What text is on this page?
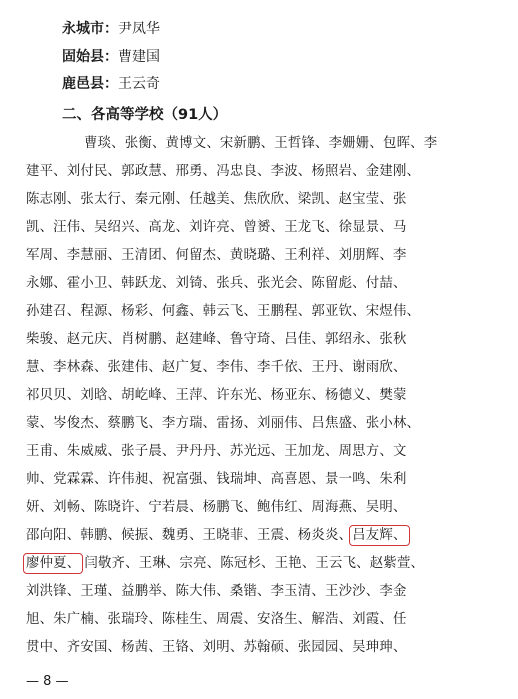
永城市：尹凤华
固始县：曹建国
鹿邑县：王云奇
二、各高等学校（91人）
曹琰、张衡、黄博文、宋新鹏、王哲锋、李姗姗、包晖、李
建平、刘付民、郭政慧、邢勇、冯忠良、李波、杨照岩、金建刚、
陈志刚、张太行、秦元刚、任越美、焦欣欣、梁凯、赵宝莹、张
凯、汪伟、吴绍兴、高龙、刘许亮、曾赟、王龙飞、徐显景、马
军周、李慧丽、王清团、何留杰、黄晓璐、王利祥、刘朋辉、李
永娜、霍小卫、韩跃龙、刘锜、张兵、张光会、陈留彪、付喆、
孙建召、程源、杨彩、何鑫、韩云飞、王鹏程、郭亚钦、宋煜伟、
柴骏、赵元庆、肖树鹏、赵建峰、鲁守琦、吕佳、郭绍永、张秋
慧、李林森、张建伟、赵广复、李伟、李千依、王丹、谢雨欣、
祁贝贝、刘晗、胡屹峰、王萍、许东光、杨亚东、杨德义、樊蒙
蒙、岑俊杰、蔡鹏飞、李方瑞、雷扬、刘丽伟、吕焦盛、张小林、
王甫、朱威威、张子晨、尹丹丹、苏光远、王加龙、周思方、文
帅、党霖霖、许伟昶、祝富强、钱瑞坤、高喜恩、景一鸣、朱利
妍、刘畅、陈晓许、宁若晨、杨鹏飞、鲍伟红、周海燕、吴明、
邵向阳、韩鹏、候振、魏勇、王晓菲、王震、杨炎炎、吕友辉、
廖仲夏、 闫敬齐、王琳、宗亮、陈冠杉、王艳、王云飞、赵紫萱、
刘洪锋、王瑾、益鹏举、陈大伟、桑锴、李玉清、王沙沙、李金
旭、朱广楠、张瑞玲、陈桂生、周震、安洛生、解浩、刘霞、任
贯中、齐安国、杨茜、王铬、刘明、苏翰硕、张园园、吴珅珅、
— 8 —
